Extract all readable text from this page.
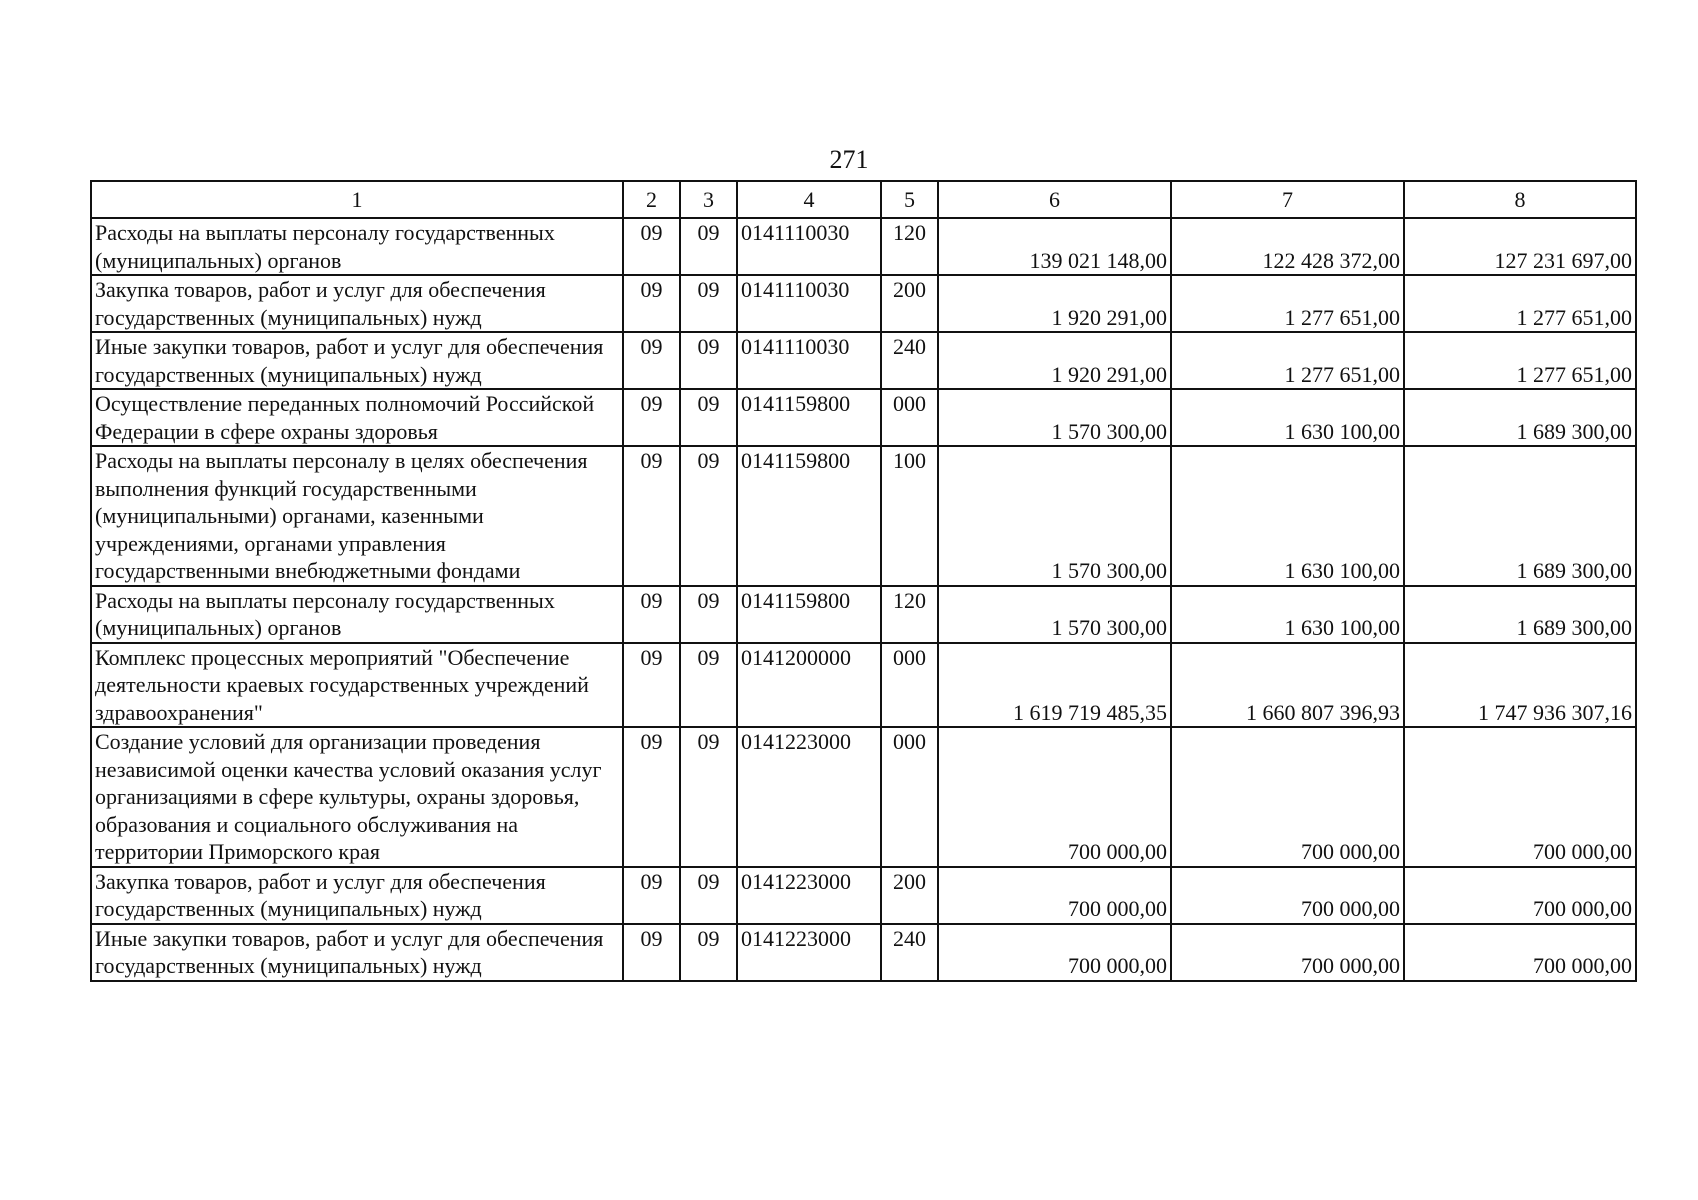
271
1	2	3	4	5	6	7	8
Расходы на выплаты персоналу государственных (муниципальных) органов	09	09	0141110030	120	139 021 148,00	122 428 372,00	127 231 697,00
Закупка товаров, работ и услуг для обеспечения государственных (муниципальных) нужд	09	09	0141110030	200	1 920 291,00	1 277 651,00	1 277 651,00
Иные закупки товаров, работ и услуг для обеспечения государственных (муниципальных) нужд	09	09	0141110030	240	1 920 291,00	1 277 651,00	1 277 651,00
Осуществление переданных полномочий Российской Федерации в сфере охраны здоровья	09	09	0141159800	000	1 570 300,00	1 630 100,00	1 689 300,00
Расходы на выплаты персоналу в целях обеспечения выполнения функций государственными (муниципальными) органами, казенными учреждениями, органами управления государственными внебюджетными фондами	09	09	0141159800	100	1 570 300,00	1 630 100,00	1 689 300,00
Расходы на выплаты персоналу государственных (муниципальных) органов	09	09	0141159800	120	1 570 300,00	1 630 100,00	1 689 300,00
Комплекс процессных мероприятий "Обеспечение деятельности краевых государственных учреждений здравоохранения"	09	09	0141200000	000	1 619 719 485,35	1 660 807 396,93	1 747 936 307,16
Создание условий для организации проведения независимой оценки качества условий оказания услуг организациями в сфере культуры, охраны здоровья, образования и социального обслуживания на территории Приморского края	09	09	0141223000	000	700 000,00	700 000,00	700 000,00
Закупка товаров, работ и услуг для обеспечения государственных (муниципальных) нужд	09	09	0141223000	200	700 000,00	700 000,00	700 000,00
Иные закупки товаров, работ и услуг для обеспечения государственных (муниципальных) нужд	09	09	0141223000	240	700 000,00	700 000,00	700 000,00
